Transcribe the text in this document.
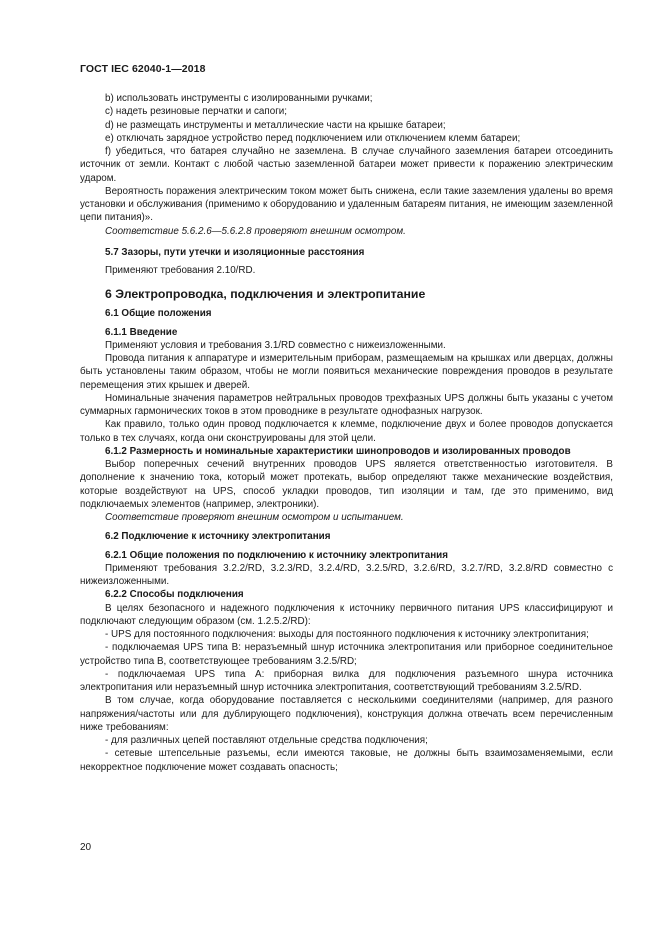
ГОСТ IEC 62040-1—2018

b) использовать инструменты с изолированными ручками;

c) надеть резиновые перчатки и сапоги;

d) не размещать инструменты и металлические части на крышке батареи;

e) отключать зарядное устройство перед подключением или отключением клемм батареи;

f) убедиться, что батарея случайно не заземлена. В случае случайного заземления батареи отсоединить источник от земли. Контакт с любой частью заземленной батареи может привести к поражению электрическим ударом.

Вероятность поражения электрическим током может быть снижена, если такие заземления удалены во время установки и обслуживания (применимо к оборудованию и удаленным батареям питания, не имеющим заземленной цепи питания)».

Соответствие 5.6.2.6—5.6.2.8 проверяют внешним осмотром.

5.7 Зазоры, пути утечки и изоляционные расстояния

Применяют требования 2.10/RD.

6 Электропроводка, подключения и электропитание

6.1 Общие положения

6.1.1 Введение

Применяют условия и требования 3.1/RD совместно с нижеизложенными.

Провода питания к аппаратуре и измерительным приборам, размещаемым на крышках или дверцах, должны быть установлены таким образом, чтобы не могли появиться механические повреждения проводов в результате перемещения этих крышек и дверей.

Номинальные значения параметров нейтральных проводов трехфазных UPS должны быть указаны с учетом суммарных гармонических токов в этом проводнике в результате однофазных нагрузок.

Как правило, только один провод подключается к клемме, подключение двух и более проводов допускается только в тех случаях, когда они сконструированы для этой цели.

6.1.2 Размерность и номинальные характеристики шинопроводов и изолированных проводов

Выбор поперечных сечений внутренних проводов UPS является ответственностью изготовителя. В дополнение к значению тока, который может протекать, выбор определяют также механические воздействия, которые воздействуют на UPS, способ укладки проводов, тип изоляции и там, где это применимо, вид подключаемых элементов (например, электроники).

Соответствие проверяют внешним осмотром и испытанием.

6.2 Подключение к источнику электропитания

6.2.1 Общие положения по подключению к источнику электропитания

Применяют требования 3.2.2/RD, 3.2.3/RD, 3.2.4/RD, 3.2.5/RD, 3.2.6/RD, 3.2.7/RD, 3.2.8/RD совместно с нижеизложенными.

6.2.2 Способы подключения

В целях безопасного и надежного подключения к источнику первичного питания UPS классифицируют и подключают следующим образом (см. 1.2.5.2/RD):

- UPS для постоянного подключения: выходы для постоянного подключения к источнику электропитания;

- подключаемая UPS типа B: неразъемный шнур источника электропитания или приборное соединительное устройство типа B, соответствующее требованиям 3.2.5/RD;

- подключаемая UPS типа A: приборная вилка для подключения разъемного шнура источника электропитания или неразъемный шнур источника электропитания, соответствующий требованиям 3.2.5/RD.

В том случае, когда оборудование поставляется с несколькими соединителями (например, для разного напряжения/частоты или для дублирующего подключения), конструкция должна отвечать всем перечисленным ниже требованиям:

- для различных цепей поставляют отдельные средства подключения;

- сетевые штепсельные разъемы, если имеются таковые, не должны быть взаимозаменяемыми, если некорректное подключение может создавать опасность;

20
